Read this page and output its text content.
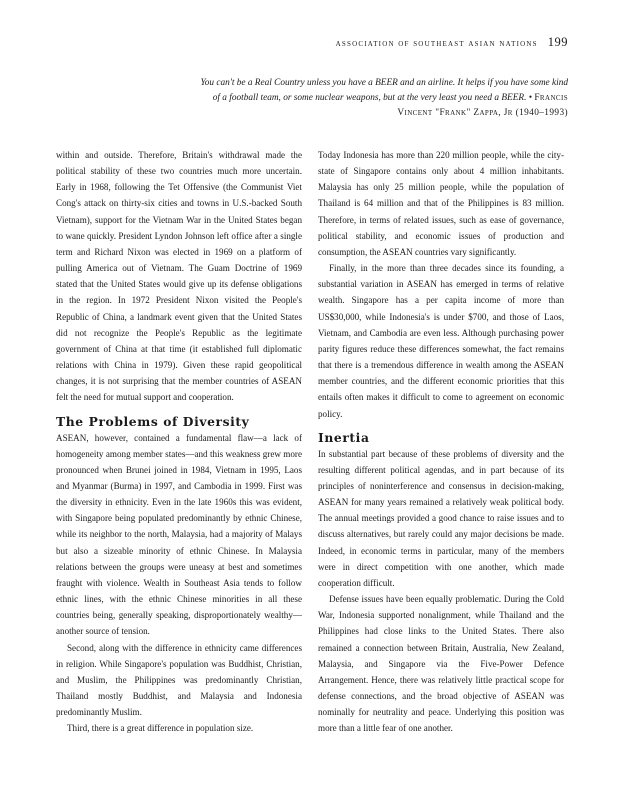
association of southeast asian nations 199
You can't be a Real Country unless you have a BEER and an airline. It helps if you have some kind of a football team, or some nuclear weapons, but at the very least you need a BEER. • Francis Vincent "Frank" Zappa, Jr (1940–1993)

within and outside. Therefore, Britain's withdrawal made the political stability of these two countries much more uncertain. Early in 1968, following the Tet Offensive (the Communist Viet Cong's attack on thirty-six cities and towns in U.S.-backed South Vietnam), support for the Vietnam War in the United States began to wane quickly. President Lyndon Johnson left office after a single term and Richard Nixon was elected in 1969 on a platform of pulling America out of Vietnam. The Guam Doctrine of 1969 stated that the United States would give up its defense obligations in the region. In 1972 President Nixon visited the People's Republic of China, a landmark event given that the United States did not recognize the People's Republic as the legitimate government of China at that time (it established full diplomatic relations with China in 1979). Given these rapid geopolitical changes, it is not surprising that the member countries of ASEAN felt the need for mutual support and cooperation.

The Problems of Diversity

ASEAN, however, contained a fundamental flaw—a lack of homogeneity among member states—and this weakness grew more pronounced when Brunei joined in 1984, Vietnam in 1995, Laos and Myanmar (Burma) in 1997, and Cambodia in 1999. First was the diversity in ethnicity. Even in the late 1960s this was evident, with Singapore being populated predominantly by ethnic Chinese, while its neighbor to the north, Malaysia, had a majority of Malays but also a sizeable minority of ethnic Chinese. In Malaysia relations between the groups were uneasy at best and sometimes fraught with violence. Wealth in Southeast Asia tends to follow ethnic lines, with the ethnic Chinese minorities in all these countries being, generally speaking, disproportionately wealthy—another source of tension.

Second, along with the difference in ethnicity came differences in religion. While Singapore's population was Buddhist, Christian, and Muslim, the Philippines was predominantly Christian, Thailand mostly Buddhist, and Malaysia and Indonesia predominantly Muslim.

Third, there is a great difference in population size.

Today Indonesia has more than 220 million people, while the city-state of Singapore contains only about 4 million inhabitants. Malaysia has only 25 million people, while the population of Thailand is 64 million and that of the Philippines is 83 million. Therefore, in terms of related issues, such as ease of governance, political stability, and economic issues of production and consumption, the ASEAN countries vary significantly.

Finally, in the more than three decades since its founding, a substantial variation in ASEAN has emerged in terms of relative wealth. Singapore has a per capita income of more than US$30,000, while Indonesia's is under $700, and those of Laos, Vietnam, and Cambodia are even less. Although purchasing power parity figures reduce these differences somewhat, the fact remains that there is a tremendous difference in wealth among the ASEAN member countries, and the different economic priorities that this entails often makes it difficult to come to agreement on economic policy.

Inertia

In substantial part because of these problems of diversity and the resulting different political agendas, and in part because of its principles of noninterference and consensus in decision-making, ASEAN for many years remained a relatively weak political body. The annual meetings provided a good chance to raise issues and to discuss alternatives, but rarely could any major decisions be made. Indeed, in economic terms in particular, many of the members were in direct competition with one another, which made cooperation difficult.

Defense issues have been equally problematic. During the Cold War, Indonesia supported nonalignment, while Thailand and the Philippines had close links to the United States. There also remained a connection between Britain, Australia, New Zealand, Malaysia, and Singapore via the Five-Power Defence Arrangement. Hence, there was relatively little practical scope for defense connections, and the broad objective of ASEAN was nominally for neutrality and peace. Underlying this position was more than a little fear of one another.
